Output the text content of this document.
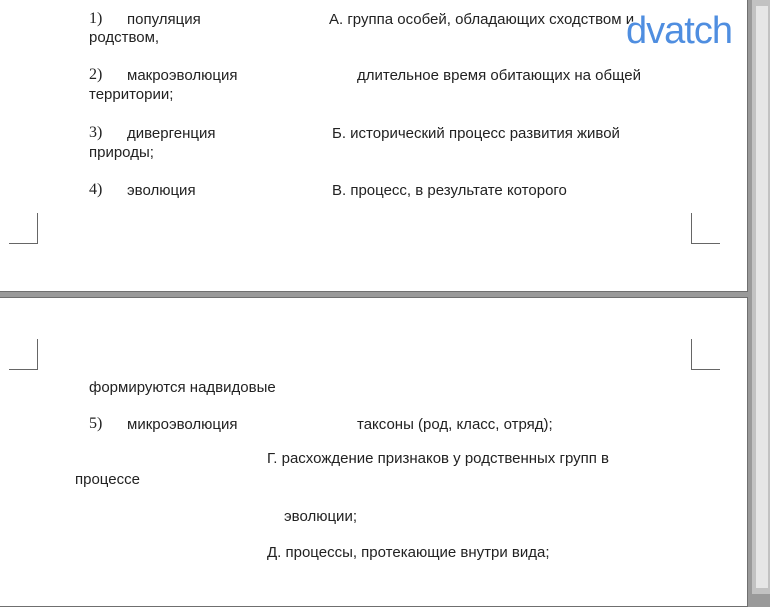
1) популяция	А. группа особей, обладающих сходством и
родством,
2) макроэволюция	длительное время обитающих на общей
территории;
3) дивергенция	Б. исторический процесс развития живой
природы;
4) эволюция	В. процесс, в результате которого
формируются надвидовые
5) микроэволюция	таксоны (род, класс, отряд);
Г. расхождение признаков у родственных групп в
процессе
эволюции;
Д. процессы, протекающие внутри вида;
dvatch
